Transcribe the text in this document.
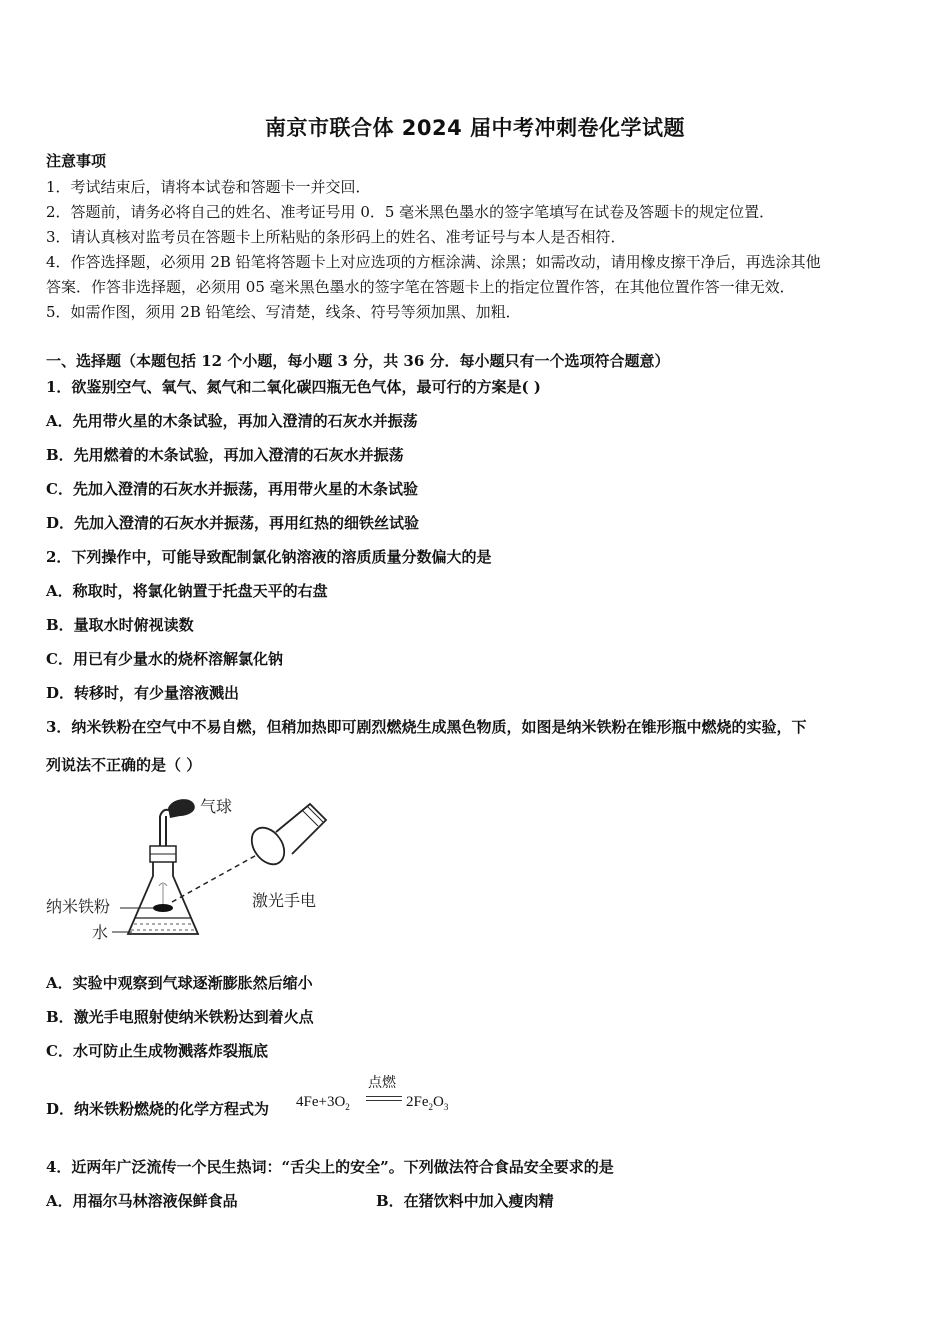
南京市联合体 2024 届中考冲刺卷化学试题
注意事项
1．考试结束后，请将本试卷和答题卡一并交回．
2．答题前，请务必将自己的姓名、准考证号用 0．5 毫米黑色墨水的签字笔填写在试卷及答题卡的规定位置．
3．请认真核对监考员在答题卡上所粘贴的条形码上的姓名、准考证号与本人是否相符．
4．作答选择题，必须用 2B 铅笔将答题卡上对应选项的方框涂满、涂黑；如需改动，请用橡皮擦干净后，再选涂其他
答案．作答非选择题，必须用 05 毫米黑色墨水的签字笔在答题卡上的指定位置作答，在其他位置作答一律无效．
5．如需作图，须用 2B 铅笔绘、写清楚，线条、符号等须加黑、加粗．
一、选择题（本题包括 12 个小题，每小题 3 分，共 36 分．每小题只有一个选项符合题意）
1．欲鉴别空气、氧气、氮气和二氧化碳四瓶无色气体，最可行的方案是( )
A．先用带火星的木条试验，再加入澄清的石灰水并振荡
B．先用燃着的木条试验，再加入澄清的石灰水并振荡
C．先加入澄清的石灰水并振荡，再用带火星的木条试验
D．先加入澄清的石灰水并振荡，再用红热的细铁丝试验
2．下列操作中，可能导致配制氯化钠溶液的溶质质量分数偏大的是
A．称取时，将氯化钠置于托盘天平的右盘
B．量取水时俯视读数
C．用已有少量水的烧杯溶解氯化钠
D．转移时，有少量溶液溅出
3．纳米铁粉在空气中不易自燃，但稍加热即可剧烈燃烧生成黑色物质，如图是纳米铁粉在锥形瓶中燃烧的实验，下
列说法不正确的是（ ）
气球
纳米铁粉
水
激光手电
A．实验中观察到气球逐渐膨胀然后缩小
B．激光手电照射使纳米铁粉达到着火点
C．水可防止生成物溅落炸裂瓶底
D．纳米铁粉燃烧的化学方程式为
点燃
$4Fe+3O_2$	$2Fe_2O_3$
4．近两年广泛流传一个民生热词：“舌尖上的安全”。下列做法符合食品安全要求的是
A．用福尔马林溶液保鲜食品	B．在猪饮料中加入瘦肉精
